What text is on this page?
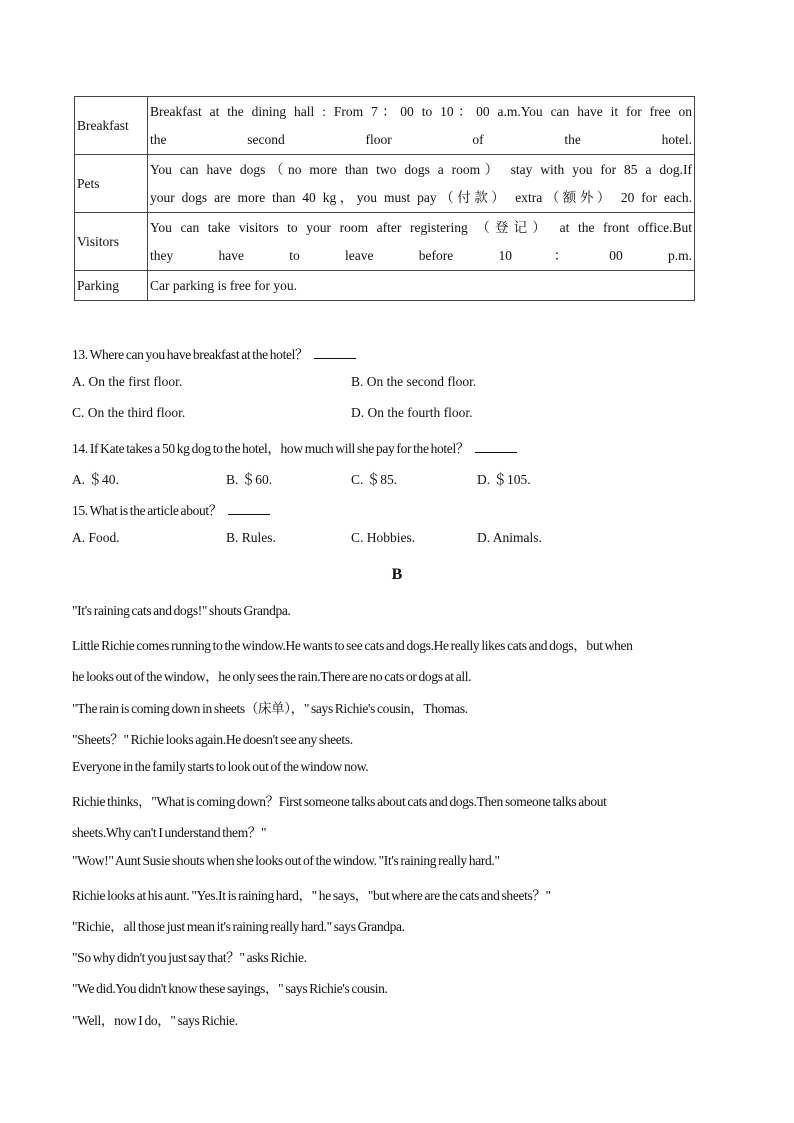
Breakfast	Breakfast at the dining hall : From 7：00 to 10：00 a.m.You can have it for free on
the second floor of the hotel.
Pets	You can have dogs（no more than two dogs a room） stay with you for 85 a dog.If
your dogs are more than 40 kg，you must pay（付款） extra（额外） 20 for each.
Visitors	You can take visitors to your room after registering （登记） at the front office.But
they have to leave before 10：00 p.m.
Parking	Car parking is free for you.
13. Where can you have breakfast at the hotel？
A. On the first floor.	B. On the second floor.
C. On the third floor.	D. On the fourth floor.
14. If Kate takes a 50 kg dog to the hotel，how much will she pay for the hotel？
A. ＄40.	B. ＄60.	C. ＄85.	D. ＄105.
15. What is the article about？
A. Food.	B. Rules.	C. Hobbies.	D. Animals.
B
"It's raining cats and dogs!" shouts Grandpa.
Little Richie comes running to the window.He wants to see cats and dogs.He really likes cats and dogs，but when
he looks out of the window，he only sees the rain.There are no cats or dogs at all.
"The rain is coming down in sheets（床单），" says Richie's cousin，Thomas.
"Sheets？" Richie looks again.He doesn't see any sheets.
Everyone in the family starts to look out of the window now.
Richie thinks，"What is coming down？First someone talks about cats and dogs.Then someone talks about
sheets.Why can't I understand them？"
"Wow!" Aunt Susie shouts when she looks out of the window. "It's raining really hard."
Richie looks at his aunt. "Yes.It is raining hard，" he says，"but where are the cats and sheets？"
"Richie，all those just mean it's raining really hard." says Grandpa.
"So why didn't you just say that？" asks Richie.
"We did.You didn't know these sayings，" says Richie's cousin.
"Well，now I do，" says Richie.
